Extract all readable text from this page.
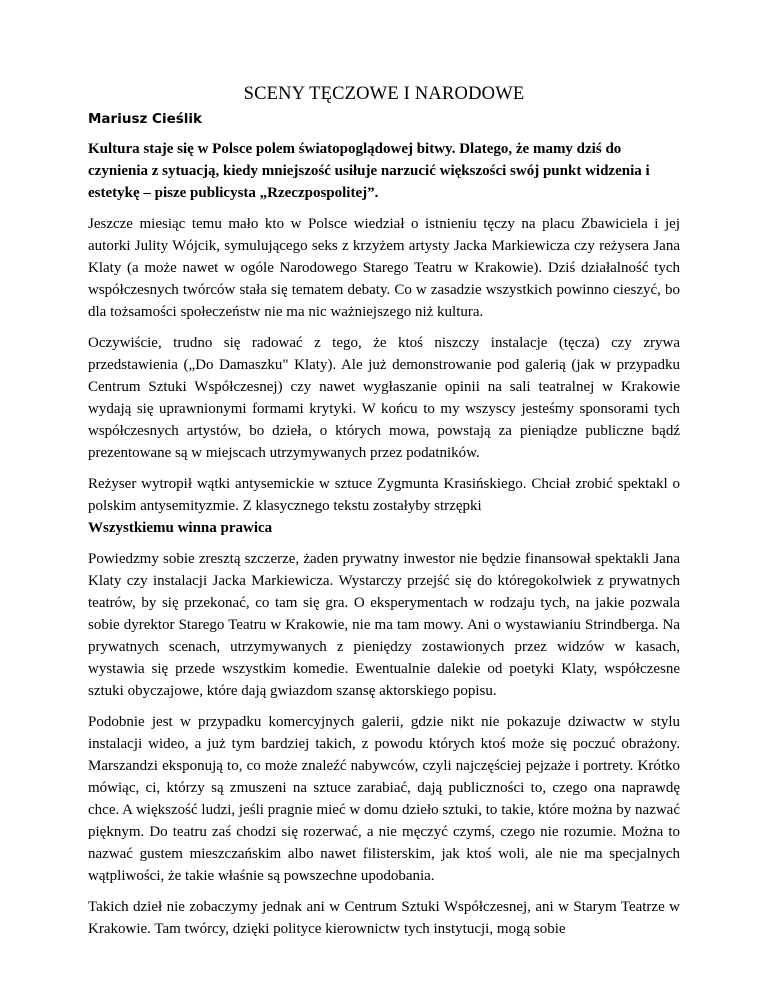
SCENY TĘCZOWE I NARODOWE
Mariusz Cieślik

Kultura staje się w Polsce polem światopoglądowej bitwy. Dlatego, że mamy dziś do czynienia z sytuacją, kiedy mniejszość usiłuje narzucić większości swój punkt widzenia i estetykę – pisze publicysta „Rzeczpospolitej”.

Jeszcze miesiąc temu mało kto w Polsce wiedział o istnieniu tęczy na placu Zbawiciela i jej autorki Julity Wójcik, symulującego seks z krzyżem artysty Jacka Markiewicza czy reżysera Jana Klaty (a może nawet w ogóle Narodowego Starego Teatru w Krakowie). Dziś działalność tych współczesnych twórców stała się tematem debaty. Co w zasadzie wszystkich powinno cieszyć, bo dla tożsamości społeczeństw nie ma nic ważniejszego niż kultura.

Oczywiście, trudno się radować z tego, że ktoś niszczy instalacje (tęcza) czy zrywa przedstawienia („Do Damaszku" Klaty). Ale już demonstrowanie pod galerią (jak w przypadku Centrum Sztuki Współczesnej) czy nawet wygłaszanie opinii na sali teatralnej w Krakowie wydają się uprawnionymi formami krytyki. W końcu to my wszyscy jesteśmy sponsorami tych współczesnych artystów, bo dzieła, o których mowa, powstają za pieniądze publiczne bądź prezentowane są w miejscach utrzymywanych przez podatników.

Reżyser wytropił wątki antysemickie w sztuce Zygmunta Krasińskiego. Chciał zrobić spektakl o polskim antysemityzmie. Z klasycznego tekstu zostałyby strzępki
Wszystkiemu winna prawica

Powiedzmy sobie zresztą szczerze, żaden prywatny inwestor nie będzie finansował spektakli Jana Klaty czy instalacji Jacka Markiewicza. Wystarczy przejść się do któregokolwiek z prywatnych teatrów, by się przekonać, co tam się gra. O eksperymentach w rodzaju tych, na jakie pozwala sobie dyrektor Starego Teatru w Krakowie, nie ma tam mowy. Ani o wystawianiu Strindberga. Na prywatnych scenach, utrzymywanych z pieniędzy zostawionych przez widzów w kasach, wystawia się przede wszystkim komedie. Ewentualnie dalekie od poetyki Klaty, współczesne sztuki obyczajowe, które dają gwiazdom szansę aktorskiego popisu.

Podobnie jest w przypadku komercyjnych galerii, gdzie nikt nie pokazuje dziwactw w stylu instalacji wideo, a już tym bardziej takich, z powodu których ktoś może się poczuć obrażony. Marszandzi eksponują to, co może znaleźć nabywców, czyli najczęściej pejzaże i portrety. Krótko mówiąc, ci, którzy są zmuszeni na sztuce zarabiać, dają publiczności to, czego ona naprawdę chce. A większość ludzi, jeśli pragnie mieć w domu dzieło sztuki, to takie, które można by nazwać pięknym. Do teatru zaś chodzi się rozerwać, a nie męczyć czymś, czego nie rozumie. Można to nazwać gustem mieszczańskim albo nawet filisterskim, jak ktoś woli, ale nie ma specjalnych wątpliwości, że takie właśnie są powszechne upodobania.

Takich dzieł nie zobaczymy jednak ani w Centrum Sztuki Współczesnej, ani w Starym Teatrze w Krakowie. Tam twórcy, dzięki polityce kierownictw tych instytucji, mogą sobie
